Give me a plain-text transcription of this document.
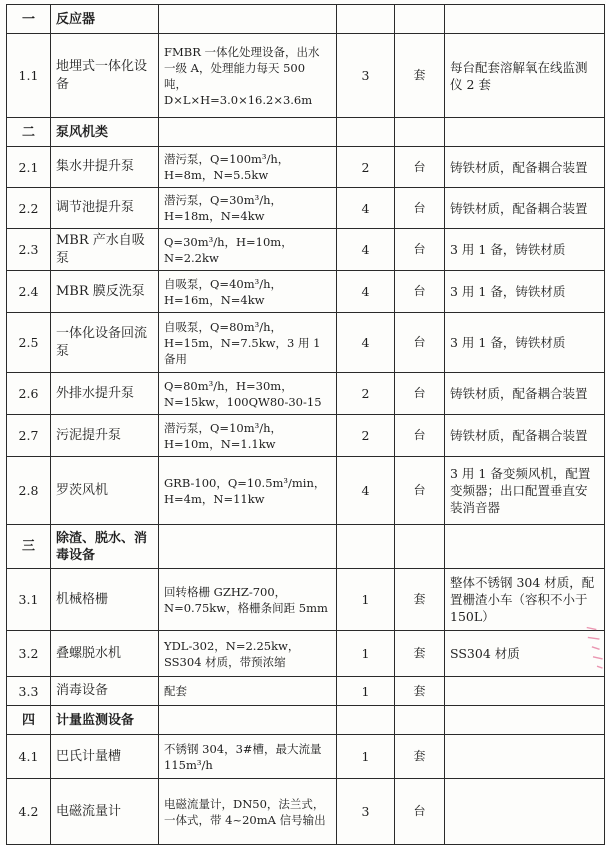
一	反应器				
1.1	地埋式一体化设备	FMBR 一体化处理设备，出水一级 A，处理能力每天 500 吨，D×L×H=3.0×16.2×3.6m	3	套	每台配套溶解氧在线监测仪 2 套
二	泵风机类				
2.1	集水井提升泵	潜污泵，Q=100m³/h，H=8m，N=5.5kw	2	台	铸铁材质，配备耦合装置
2.2	调节池提升泵	潜污泵，Q=30m³/h，H=18m，N=4kw	4	台	铸铁材质，配备耦合装置
2.3	MBR 产水自吸泵	Q=30m³/h，H=10m，N=2.2kw	4	台	3 用 1 备，铸铁材质
2.4	MBR 膜反洗泵	自吸泵，Q=40m³/h，H=16m，N=4kw	4	台	3 用 1 备，铸铁材质
2.5	一体化设备回流泵	自吸泵，Q=80m³/h，H=15m，N=7.5kw，3 用 1 备用	4	台	3 用 1 备，铸铁材质
2.6	外排水提升泵	Q=80m³/h，H=30m，N=15kw，100QW80-30-15	2	台	铸铁材质，配备耦合装置
2.7	污泥提升泵	潜污泵，Q=10m³/h，H=10m，N=1.1kw	2	台	铸铁材质，配备耦合装置
2.8	罗茨风机	GRB-100，Q=10.5m³/min，H=4m，N=11kw	4	台	3 用 1 备变频风机，配置变频器；出口配置垂直安装消音器
三	除渣、脱水、消毒设备				
3.1	机械格栅	回转格栅 GZHZ-700，N=0.75kw，格栅条间距 5mm	1	套	整体不锈钢 304 材质，配置栅渣小车（容积不小于 150L）
3.2	叠螺脱水机	YDL-302，N=2.25kw，SS304 材质，带预浓缩	1	套	SS304 材质
3.3	消毒设备	配套	1	套	
四	计量监测设备				
4.1	巴氏计量槽	不锈钢 304，3#槽，最大流量 115m³/h	1	套	
4.2	电磁流量计	电磁流量计，DN50，法兰式，一体式，带 4~20mA 信号输出	3	台	
